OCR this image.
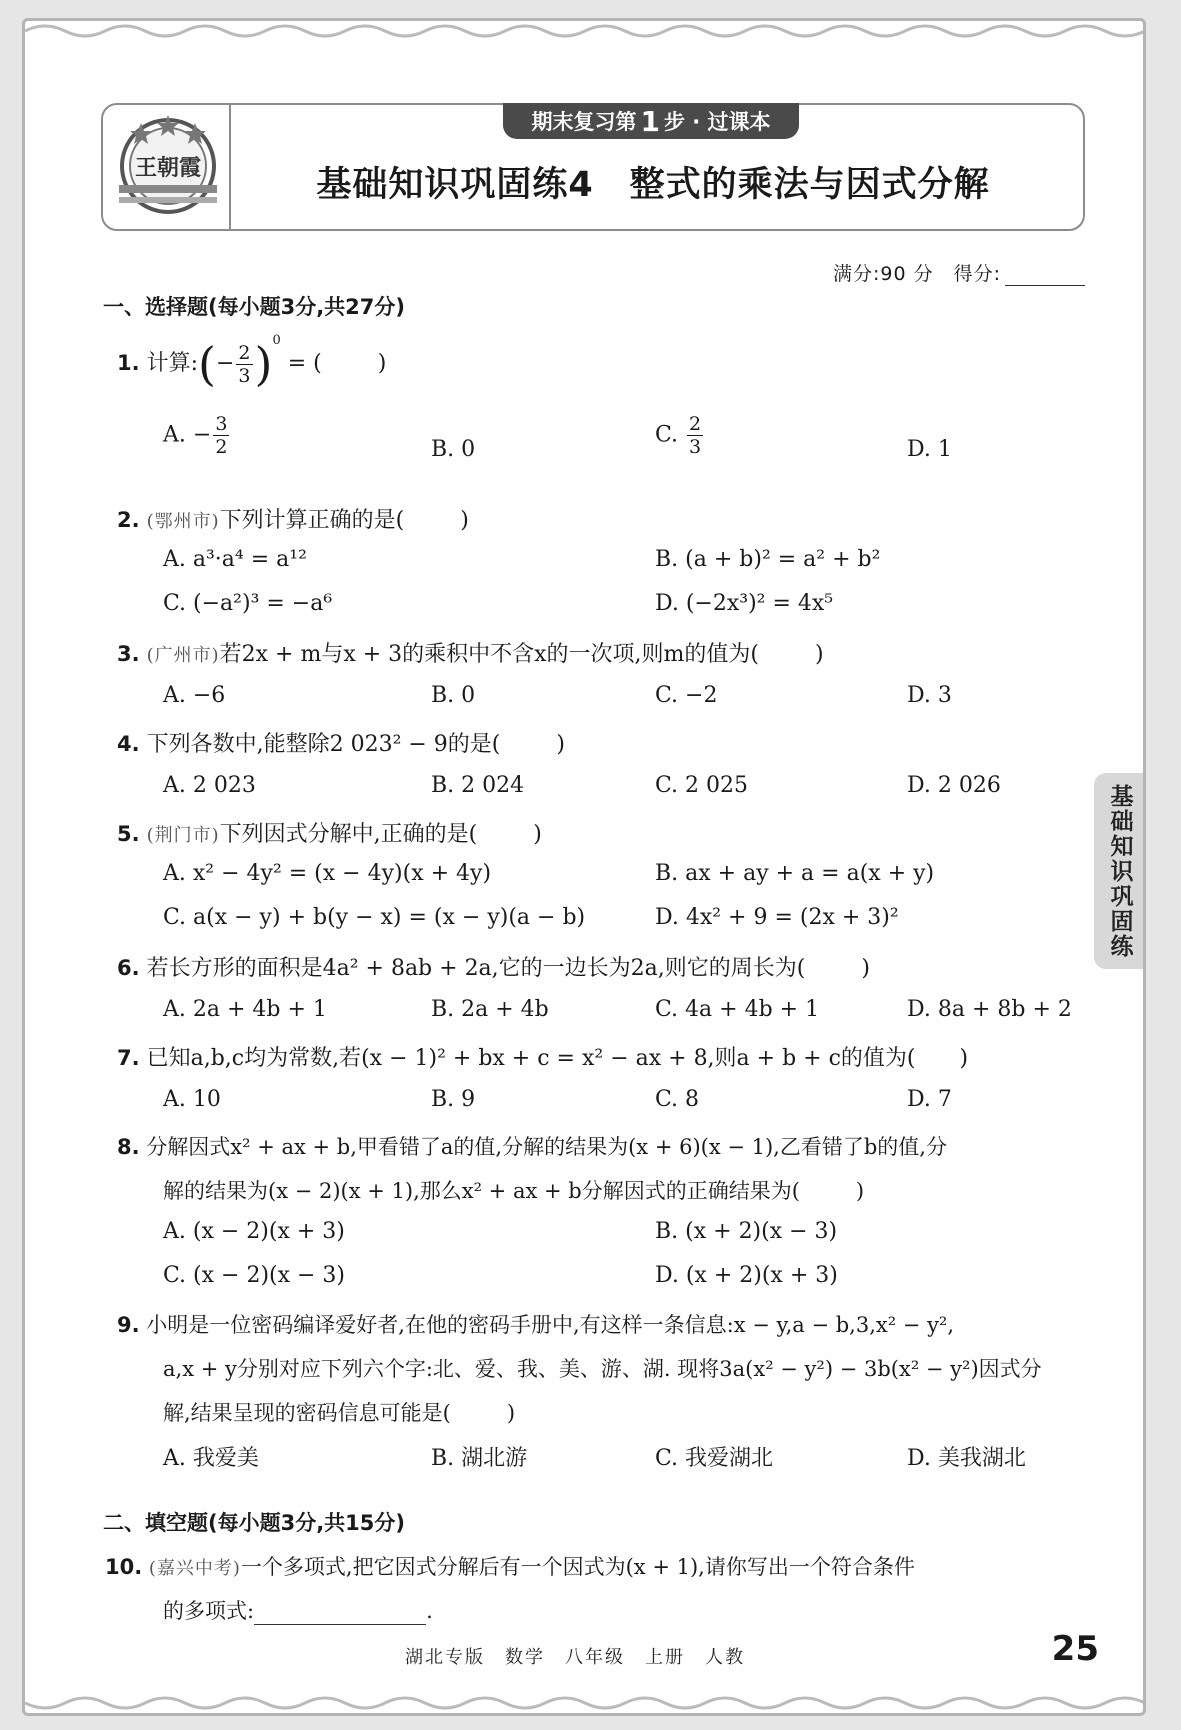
王朝霞
期末复习第 1 步 · 过课本
基础知识巩固练4　整式的乘法与因式分解
满分:90 分　得分:
基础知识巩固练
一、选择题(每小题3分,共27分)
1. 计算:(− $\frac{2}{3} )^0$ = (	)
A. − $\frac{3}{2}$	B. 0
C. $\frac{2}{3}$	D. 1
2. (鄂州市)下列计算正确的是(	)
A. a³·a⁴ = a¹²	B. (a + b)² = a² + b²
C. (−a²)³ = −a⁶	D. (−2x³)² = 4x⁵
3. (广州市)若2x + m与x + 3的乘积中不含x的一次项,则m的值为(	)
A. −6	B. 0	C. −2	D. 3
4. 下列各数中,能整除2 023² − 9的是(	)
A. 2 023	B. 2 024	C. 2 025	D. 2 026
5. (荆门市)下列因式分解中,正确的是(	)
A. x² − 4y² = (x − 4y)(x + 4y)	B. ax + ay + a = a(x + y)
C. a(x − y) + b(y − x) = (x − y)(a − b)	D. 4x² + 9 = (2x + 3)²
6. 若长方形的面积是4a² + 8ab + 2a,它的一边长为2a,则它的周长为(	)
A. 2a + 4b + 1	B. 2a + 4b	C. 4a + 4b + 1	D. 8a + 8b + 2
7. 已知a,b,c均为常数,若(x − 1)² + bx + c = x² − ax + 8,则a + b + c的值为( )
A. 10	B. 9	C. 8	D. 7
8. 分解因式x² + ax + b,甲看错了a的值,分解的结果为(x + 6)(x − 1),乙看错了b的值,分
解的结果为(x − 2)(x + 1),那么x² + ax + b分解因式的正确结果为(	)
A. (x − 2)(x + 3)	B. (x + 2)(x − 3)
C. (x − 2)(x − 3)	D. (x + 2)(x + 3)
9. 小明是一位密码编译爱好者,在他的密码手册中,有这样一条信息:x − y,a − b,3,x² − y²,
a,x + y分别对应下列六个字:北、爱、我、美、游、湖. 现将3a(x² − y²) − 3b(x² − y²)因式分
解,结果呈现的密码信息可能是(	)
A. 我爱美	B. 湖北游	C. 我爱湖北	D. 美我湖北
二、填空题(每小题3分,共15分)
10. (嘉兴中考)一个多项式,把它因式分解后有一个因式为(x + 1),请你写出一个符合条件
的多项式:	.
湖北专版　数学　八年级　上册　人教	25
